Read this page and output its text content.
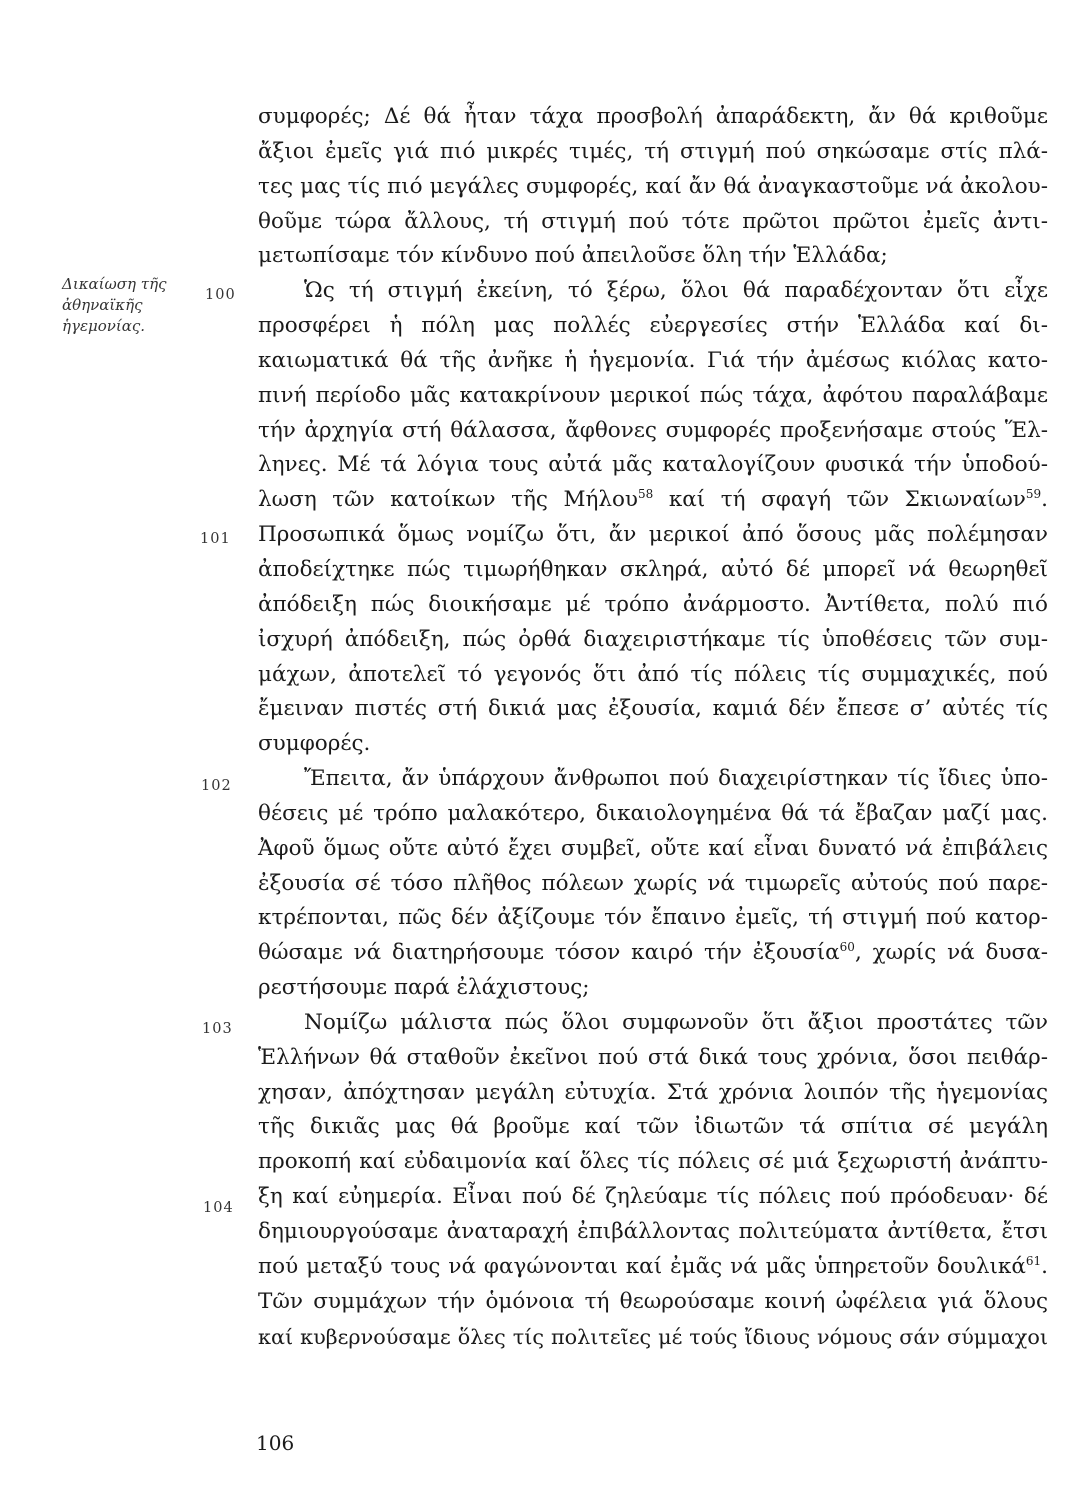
Δικαίωση τῆς
ἀθηναϊκῆς
ἡγεμονίας.
100
101
102
103
104
συμφορές; Δέ θά ἦταν τάχα προσβολή ἀπαράδεκτη, ἄν θά κριθοῦμε
ἄξιοι ἐμεῖς γιά πιό μικρές τιμές, τή στιγμή πού σηκώσαμε στίς πλά-
τες μας τίς πιό μεγάλες συμφορές, καί ἄν θά ἀναγκαστοῦμε νά ἀκολου-
θοῦμε τώρα ἄλλους, τή στιγμή πού τότε πρῶτοι πρῶτοι ἐμεῖς ἀντι-
μετωπίσαμε τόν κίνδυνο πού ἀπειλοῦσε ὅλη τήν Ἑλλάδα;
Ὡς τή στιγμή ἐκείνη, τό ξέρω, ὅλοι θά παραδέχονταν ὅτι εἶχε
προσφέρει ἡ πόλη μας πολλές εὐεργεσίες στήν Ἑλλάδα καί δι-
καιωματικά θά τῆς ἀνῆκε ἡ ἡγεμονία. Γιά τήν ἀμέσως κιόλας κατο-
πινή περίοδο μᾶς κατακρίνουν μερικοί πώς τάχα, ἀφότου παραλάβαμε
τήν ἀρχηγία στή θάλασσα, ἄφθονες συμφορές προξενήσαμε στούς Ἕλ-
ληνες. Μέ τά λόγια τους αὐτά μᾶς καταλογίζουν φυσικά τήν ὑποδού-
λωση τῶν κατοίκων τῆς Μήλου$^{58}$ καί τή σφαγή τῶν Σκιωναίων$^{59}$.
Προσωπικά ὅμως νομίζω ὅτι, ἄν μερικοί ἀπό ὅσους μᾶς πολέμησαν
ἀποδείχτηκε πώς τιμωρήθηκαν σκληρά, αὐτό δέ μπορεῖ νά θεωρηθεῖ
ἀπόδειξη πώς διοικήσαμε μέ τρόπο ἀνάρμοστο. Ἀντίθετα, πολύ πιό
ἰσχυρή ἀπόδειξη, πώς ὀρθά διαχειριστήκαμε τίς ὑποθέσεις τῶν συμ-
μάχων, ἀποτελεῖ τό γεγονός ὅτι ἀπό τίς πόλεις τίς συμμαχικές, πού
ἔμειναν πιστές στή δικιά μας ἐξουσία, καμιά δέν ἔπεσε σ’ αὐτές τίς
συμφορές.
Ἔπειτα, ἄν ὑπάρχουν ἄνθρωποι πού διαχειρίστηκαν τίς ἴδιες ὑπο-
θέσεις μέ τρόπο μαλακότερο, δικαιολογημένα θά τά ἔβαζαν μαζί μας.
Ἀφοῦ ὅμως οὔτε αὐτό ἔχει συμβεῖ, οὔτε καί εἶναι δυνατό νά ἐπιβάλεις
ἐξουσία σέ τόσο πλῆθος πόλεων χωρίς νά τιμωρεῖς αὐτούς πού παρε-
κτρέπονται, πῶς δέν ἀξίζουμε τόν ἔπαινο ἐμεῖς, τή στιγμή πού κατορ-
θώσαμε νά διατηρήσουμε τόσον καιρό τήν ἐξουσία$^{60}$, χωρίς νά δυσα-
ρεστήσουμε παρά ἐλάχιστους;
Νομίζω μάλιστα πώς ὅλοι συμφωνοῦν ὅτι ἄξιοι προστάτες τῶν
Ἑλλήνων θά σταθοῦν ἐκεῖνοι πού στά δικά τους χρόνια, ὅσοι πειθάρ-
χησαν, ἀπόχτησαν μεγάλη εὐτυχία. Στά χρόνια λοιπόν τῆς ἡγεμονίας
τῆς δικιᾶς μας θά βροῦμε καί τῶν ἰδιωτῶν τά σπίτια σέ μεγάλη
προκοπή καί εὐδαιμονία καί ὅλες τίς πόλεις σέ μιά ξεχωριστή ἀνάπτυ-
ξη καί εὐημερία. Εἶναι πού δέ ζηλεύαμε τίς πόλεις πού πρόοδευαν· δέ
δημιουργούσαμε ἀναταραχή ἐπιβάλλοντας πολιτεύματα ἀντίθετα, ἔτσι
πού μεταξύ τους νά φαγώνονται καί ἐμᾶς νά μᾶς ὑπηρετοῦν δουλικά$^{61}$.
Τῶν συμμάχων τήν ὁμόνοια τή θεωρούσαμε κοινή ὠφέλεια γιά ὅλους
καί κυβερνούσαμε ὅλες τίς πολιτεῖες μέ τούς ἴδιους νόμους σάν σύμμαχοι
106
